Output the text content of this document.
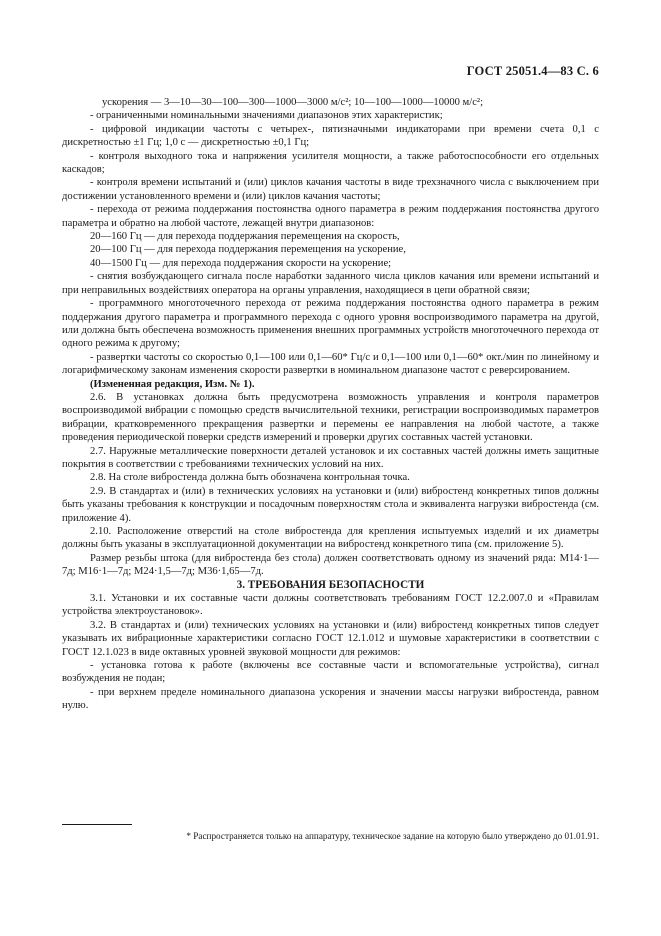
ГОСТ 25051.4—83 С. 6

ускорения — 3—10—30—100—300—1000—3000 м/с²; 10—100—1000—10000 м/с²;

- ограниченными номинальными значениями диапазонов этих характеристик;

- цифровой индикации частоты с четырех-, пятизначными индикаторами при времени счета 0,1 с дискретностью ±1 Гц; 1,0 с — дискретностью ±0,1 Гц;

- контроля выходного тока и напряжения усилителя мощности, а также работоспособности его отдельных каскадов;

- контроля времени испытаний и (или) циклов качания частоты в виде трехзначного числа с выключением при достижении установленного времени и (или) циклов качания частоты;

- перехода от режима поддержания постоянства одного параметра в режим поддержания постоянства другого параметра и обратно на любой частоте, лежащей внутри диапазонов:

20—160 Гц — для перехода поддержания перемещения на скорость,

20—100 Гц — для перехода поддержания перемещения на ускорение,

40—1500 Гц — для перехода поддержания скорости на ускорение;

- снятия возбуждающего сигнала после наработки заданного числа циклов качания или времени испытаний и при неправильных воздействиях оператора на органы управления, находящиеся в цепи обратной связи;

- программного многоточечного перехода от режима поддержания постоянства одного параметра в режим поддержания другого параметра и программного перехода с одного уровня воспроизводимого параметра на другой, или должна быть обеспечена возможность применения внешних программных устройств многоточечного перехода от одного режима к другому;

- развертки частоты со скоростью 0,1—100 или 0,1—60* Гц/с и 0,1—100 или 0,1—60* окт./мин по линейному и логарифмическому законам изменения скорости развертки в номинальном диапазоне частот с реверсированием.

(Измененная редакция, Изм. № 1).

2.6. В установках должна быть предусмотрена возможность управления и контроля параметров воспроизводимой вибрации с помощью средств вычислительной техники, регистрации воспроизводимых параметров вибрации, кратковременного прекращения развертки и перемены ее направления на любой частоте, а также проведения периодической поверки средств измерений и проверки других составных частей установки.

2.7. Наружные металлические поверхности деталей установок и их составных частей должны иметь защитные покрытия в соответствии с требованиями технических условий на них.

2.8. На столе вибростенда должна быть обозначена контрольная точка.

2.9. В стандартах и (или) в технических условиях на установки и (или) вибростенд конкретных типов должны быть указаны требования к конструкции и посадочным поверхностям стола и эквивалента нагрузки вибростенда (см. приложение 4).

2.10. Расположение отверстий на столе вибростенда для крепления испытуемых изделий и их диаметры должны быть указаны в эксплуатационной документации на вибростенд конкретного типа (см. приложение 5).

Размер резьбы штока (для вибростенда без стола) должен соответствовать одному из значений ряда: М14·1—7д; М16·1—7д; М24·1,5—7д; М36·1,65—7д.

3. ТРЕБОВАНИЯ БЕЗОПАСНОСТИ

3.1. Установки и их составные части должны соответствовать требованиям ГОСТ 12.2.007.0 и «Правилам устройства электроустановок».

3.2. В стандартах и (или) технических условиях на установки и (или) вибростенд конкретных типов следует указывать их вибрационные характеристики согласно ГОСТ 12.1.012 и шумовые характеристики в соответствии с ГОСТ 12.1.023 в виде октавных уровней звуковой мощности для режимов:

- установка готова к работе (включены все составные части и вспомогательные устройства), сигнал возбуждения не подан;

- при верхнем пределе номинального диапазона ускорения и значении массы нагрузки вибростенда, равном нулю.

* Распространяется только на аппаратуру, техническое задание на которую было утверждено до 01.01.91.
